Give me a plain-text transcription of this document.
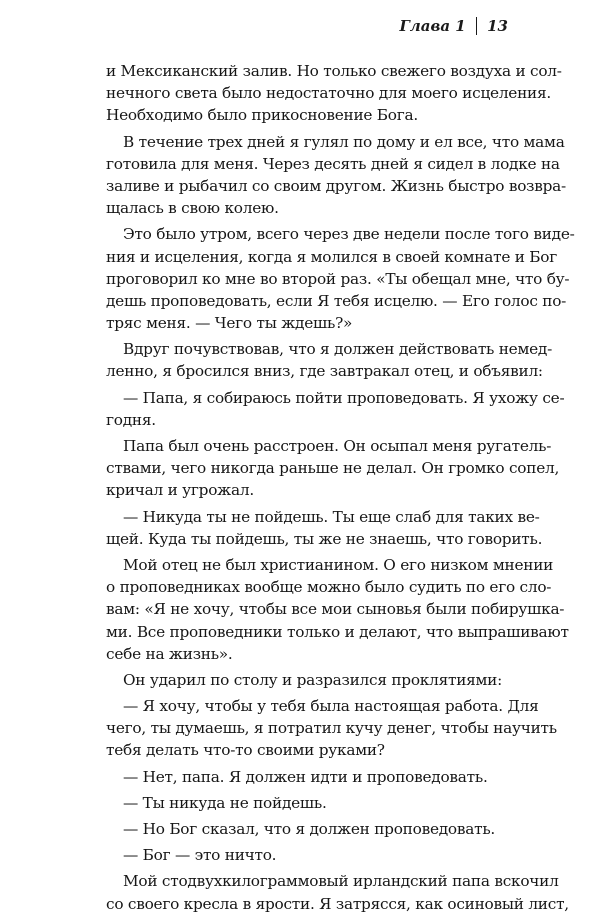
Глава 1 13
и Мексиканский залив. Но только свежего воздуха и сол-
нечного света было недостаточно для моего исцеления.
Необходимо было прикосновение Бога.
В течение трех дней я гулял по дому и ел все, что мама
готовила для меня. Через десять дней я сидел в лодке на
заливе и рыбачил со своим другом. Жизнь быстро возвра-
щалась в свою колею.
Это было утром, всего через две недели после того виде-
ния и исцеления, когда я молился в своей комнате и Бог
проговорил ко мне во второй раз. «Ты обещал мне, что бу-
дешь проповедовать, если Я тебя исцелю. — Его голос по-
тряс меня. — Чего ты ждешь?»
Вдруг почувствовав, что я должен действовать немед-
ленно, я бросился вниз, где завтракал отец, и объявил:
— Папа, я собираюсь пойти проповедовать. Я ухожу се-
годня.
Папа был очень расстроен. Он осыпал меня ругатель-
ствами, чего никогда раньше не делал. Он громко сопел,
кричал и угрожал.
— Никуда ты не пойдешь. Ты еще слаб для таких ве-
щей. Куда ты пойдешь, ты же не знаешь, что говорить.
Мой отец не был христианином. О его низком мнении
о проповедниках вообще можно было судить по его сло-
вам: «Я не хочу, чтобы все мои сыновья были побирушка-
ми. Все проповедники только и делают, что выпрашивают
себе на жизнь».
Он ударил по столу и разразился проклятиями:
— Я хочу, чтобы у тебя была настоящая работа. Для
чего, ты думаешь, я потратил кучу денег, чтобы научить
тебя делать что-то своими руками?
— Нет, папа. Я должен идти и проповедовать.
— Ты никуда не пойдешь.
— Но Бог сказал, что я должен проповедовать.
— Бог — это ничто.
Мой стодвухкилограммовый ирландский папа вскочил
со своего кресла в ярости. Я затрясся, как осиновый лист,
